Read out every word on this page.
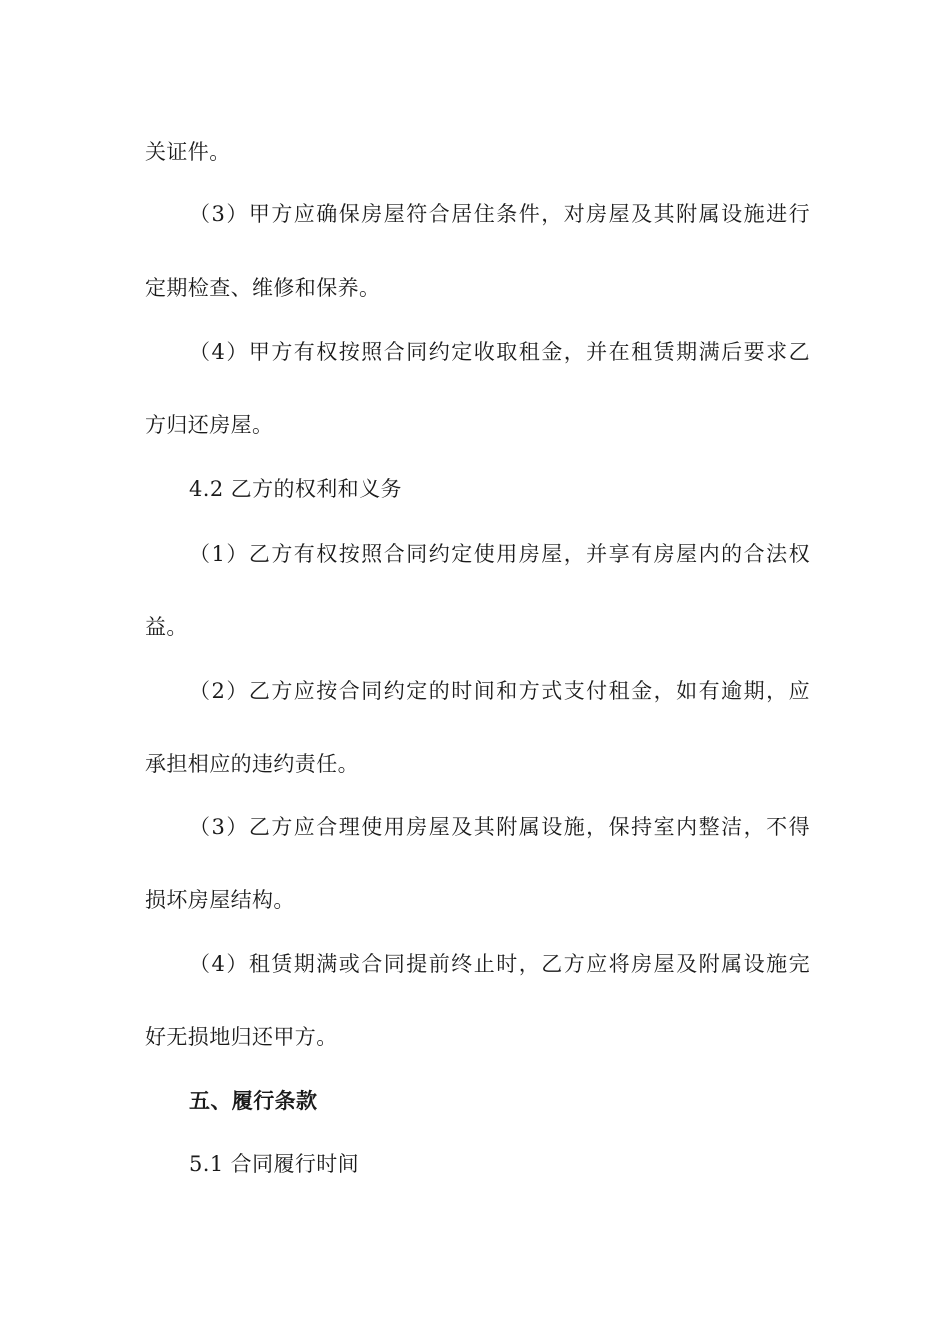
关证件。
（3）甲方应确保房屋符合居住条件，对房屋及其附属设施进行
定期检查、维修和保养。
（4）甲方有权按照合同约定收取租金，并在租赁期满后要求乙
方归还房屋。
4.2 乙方的权利和义务
（1）乙方有权按照合同约定使用房屋，并享有房屋内的合法权
益。
（2）乙方应按合同约定的时间和方式支付租金，如有逾期，应
承担相应的违约责任。
（3）乙方应合理使用房屋及其附属设施，保持室内整洁，不得
损坏房屋结构。
（4）租赁期满或合同提前终止时，乙方应将房屋及附属设施完
好无损地归还甲方。
五、履行条款
5.1 合同履行时间
